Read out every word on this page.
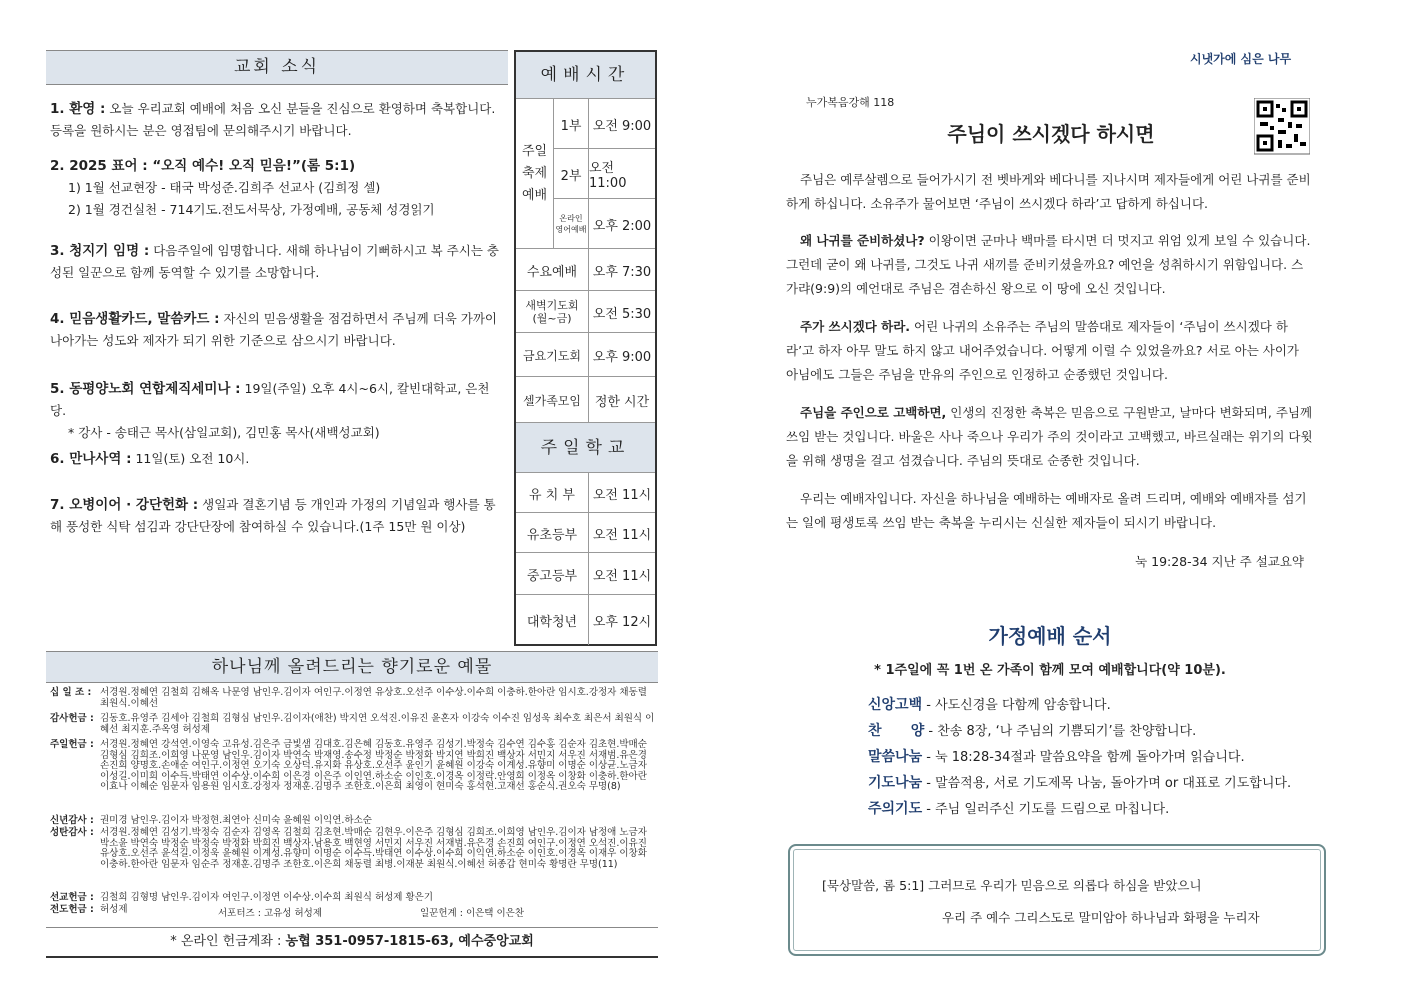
교회 소식
1. 환영 : 오늘 우리교회 예배에 처음 오신 분들을 진심으로 환영하며 축복합니다. 등록을 원하시는 분은 영접팀에 문의해주시기 바랍니다.
2. 2025 표어 : “오직 예수! 오직 믿음!”(롬 5:1)
1) 1월 선교현장 - 태국 박성준.김희주 선교사 (김희정 셀)
2) 1월 경건실천 - 714기도.전도서묵상, 가정예배, 공동체 성경읽기
3. 청지기 임명 : 다음주일에 임명합니다. 새해 하나님이 기뻐하시고 복 주시는 충성된 일꾼으로 함께 동역할 수 있기를 소망합니다.
4. 믿음생활카드, 말씀카드 : 자신의 믿음생활을 점검하면서 주님께 더욱 가까이 나아가는 성도와 제자가 되기 위한 기준으로 삼으시기 바랍니다.
5. 동평양노회 연합제직세미나 : 19일(주일) 오후 4시~6시, 칼빈대학교, 은천당.
* 강사 - 송태근 목사(삼일교회), 김민홍 목사(새백성교회)
6. 만나사역 : 11일(토) 오전 10시.
7. 오병이어 · 강단헌화 : 생일과 결혼기념 등 개인과 가정의 기념일과 행사를 통해 풍성한 식탁 섬김과 강단단장에 참여하실 수 있습니다.(1주 15만 원 이상)
예배시간
주일
축제
예배
1부 오전 9:00
2부 오전 11:00
온라인
영어예배 오후 2:00
수요예배	오후 7:30
새벽기도회
(월~금)	오전 5:30
금요기도회 오후 9:00
셀가족모임	정한 시간
주일학교
유 치 부	오전 11시
유초등부	오전 11시
중고등부	오전 11시
대학청년	오후 12시
하나님께 올려드리는 향기로운 예물
십 일 조 : 서경원.정혜연 김철희 김해옥 나문영 남인우.김이자 여인구.이정연 유상호.오선주 이수상.이수희 이충하.한아란 임시호.강정자 채동렬 최원식.이혜선
감사헌금 : 김동호.유영주 김세아 김철희 김형심 남인우.김이자(애찬) 박지연 오석진.이유진 윤혼자 이강숙 이수진 임성욱 최수호 최은서 최원식 이혜선 최지훈.주옥영 허성제
주일헌금 : 서경원.정혜연 강석연.이영숙 고유성.김은주 금빛샘 김대호.김은혜 김동호.유영주 김성기.박정숙 김수연 김수홍 김순자 김초현.박매순 김형심 김희조.이희영 나문영 남인우.김이자 박연숙 박재영.송수정 박정순 박정화 박지연 박희진 백상자 서민지 서우진 서재범.유은경 손진희 양명호.손애순 여인구.이정연 오기숙 오상덕.유지화 유상호.오선주 윤인기 윤혜원 이강숙 이계성.유향미 이명순 이상균.노금자 이성길.이미희 이수득.박태연 이수상.이수희 이은경 이은주 이인연.하소순 이인호.이경옥 이정락.안영희 이정옥 이창화 이충하.한아란 이효나 이혜순 임문자 임용원 임시호.강정자 정재훈.김명주 조한호.이은희 최영이 현미숙 홍석현.고재선 홍순식.권오숙 무명(8)
신년감사 : 권미경 남인우.김이자 박정현.최연아 신미숙 윤혜원 이익연.하소순
성탄감사 : 서경원.정혜연 김성기.박정숙 김순자 김영옥 김철희 김초현.박매순 김현우.이은주 김형심 김희조.이희영 남인우.김이자 남정애 노금자 박소윤 박연숙 박정순 박정숙 박정화 박희진 백상자.남용호 백현영 서민지 서우진 서재범.유은경 손진희 여인구.이정연 오석진.이유진 유상호.오선주 윤석길.이정욱 윤혜원 이계성.유향미 이명순 이수득.박태연 이수상.이수희 이익연.하소순 이인호.이경옥 이재우 이창화 이충하.한아란 임문자 임순주 정재훈.김명주 조한호.이은희 채동렬 최병.이재분 최원식.이혜선 허종갑 현미숙 황명란 무명(11)
선교헌금 : 김철희 김형명 남인우.김이자 여인구.이정연 이수상.이수희 최원식 허성제 황은기
전도헌금 : 허성제	서포터즈 : 고유성 허성제	일꾼헌계 : 이은택 이은찬
* 온라인 헌금계좌 : 농협 351-0957-1815-63, 예수중앙교회
시냇가에 심은 나무
누가복음강해 118
주님이 쓰시겠다 하시면
주님은 예루살렘으로 들어가시기 전 벳바게와 베다니를 지나시며 제자들에게 어린 나귀를 준비하게 하십니다. 소유주가 물어보면 ‘주님이 쓰시겠다 하라’고 답하게 하십니다.
왜 나귀를 준비하셨나? 이왕이면 군마나 백마를 타시면 더 멋지고 위엄 있게 보일 수 있습니다. 그런데 굳이 왜 나귀를, 그것도 나귀 새끼를 준비키셨을까요? 예언을 성취하시기 위함입니다. 스가랴(9:9)의 예언대로 주님은 겸손하신 왕으로 이 땅에 오신 것입니다.
주가 쓰시겠다 하라. 어린 나귀의 소유주는 주님의 말씀대로 제자들이 ‘주님이 쓰시겠다 하라’고 하자 아무 말도 하지 않고 내어주었습니다. 어떻게 이럴 수 있었을까요? 서로 아는 사이가 아님에도 그들은 주님을 만유의 주인으로 인정하고 순종했던 것입니다.
주님을 주인으로 고백하면, 인생의 진정한 축복은 믿음으로 구원받고, 날마다 변화되며, 주님께 쓰임 받는 것입니다. 바울은 사나 죽으나 우리가 주의 것이라고 고백했고, 바르실래는 위기의 다윗을 위해 생명을 걸고 섬겼습니다. 주님의 뜻대로 순종한 것입니다.
우리는 예배자입니다. 자신을 하나님을 예배하는 예배자로 올려 드리며, 예배와 예배자를 섬기는 일에 평생토록 쓰임 받는 축복을 누리시는 신실한 제자들이 되시기 바랍니다.
눅 19:28-34 지난 주 설교요약
가정예배 순서
* 1주일에 꼭 1번 온 가족이 함께 모여 예배합니다(약 10분).
신앙고백 - 사도신경을 다함께 암송합니다.
찬      양 - 찬송 8장, ‘나 주님의 기쁨되기’를 찬양합니다.
말씀나눔 - 눅 18:28-34절과 말씀요약을 함께 돌아가며 읽습니다.
기도나눔 - 말씀적용, 서로 기도제목 나눔, 돌아가며 or 대표로 기도합니다.
주의기도 - 주님 일러주신 기도를 드림으로 마칩니다.
[묵상말씀, 롬 5:1] 그러므로 우리가 믿음으로 의롭다 하심을 받았으니
우리 주 예수 그리스도로 말미암아 하나님과 화평을 누리자
